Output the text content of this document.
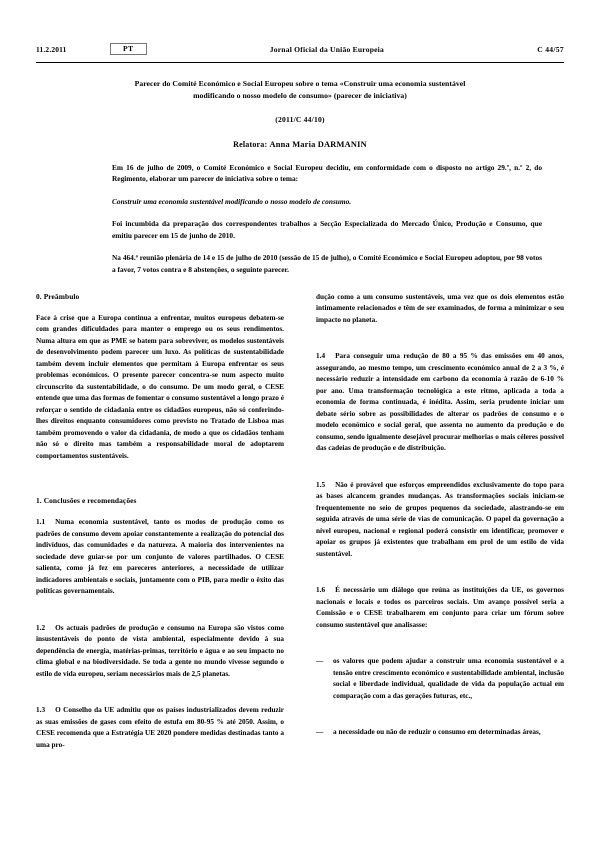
11.2.2011	PT	Jornal Oficial da União Europeia	C 44/57
Parecer do Comité Económico e Social Europeu sobre o tema «Construir uma economia sustentável
modificando o nosso modelo de consumo» (parecer de iniciativa)
(2011/C 44/10)
Relatora: Anna Maria DARMANIN

Em 16 de julho de 2009, o Comité Económico e Social Europeu decidiu, em conformidade com o disposto no artigo 29.º, n.º 2, do Regimento, elaborar um parecer de iniciativa sobre o tema:

Construir uma economia sustentável modificando o nosso modelo de consumo.

Foi incumbida da preparação dos correspondentes trabalhos a Secção Especializada do Mercado Único, Produção e Consumo, que emitiu parecer em 15 de junho de 2010.

Na 464.ª reunião plenária de 14 e 15 de julho de 2010 (sessão de 15 de julho), o Comité Económico e Social Europeu adoptou, por 98 votos a favor, 7 votos contra e 8 abstenções, o seguinte parecer.

0. Preâmbulo
Face à crise que a Europa continua a enfrentar, muitos europeus debatem-se com grandes dificuldades para manter o emprego ou os seus rendimentos. Numa altura em que as PME se batem para sobreviver, os modelos sustentáveis de desenvolvimento podem parecer um luxo. As políticas de sustentabilidade também devem incluir elementos que permitam à Europa enfrentar os seus problemas económicos. O presente parecer concentra-se num aspecto muito circunscrito da sustentabilidade, o do consumo. De um modo geral, o CESE entende que uma das formas de fomentar o consumo sustentável a longo prazo é reforçar o sentido de cidadania entre os cidadãos europeus, não só conferindo-lhes direitos enquanto consumidores como previsto no Tratado de Lisboa mas também promovendo o valor da cidadania, de modo a que os cidadãos tenham não só o direito mas também a responsabilidade moral de adoptarem comportamentos sustentáveis.
1. Conclusões e recomendações
1.1 Numa economia sustentável, tanto os modos de produção como os padrões de consumo devem apoiar constantemente a realização do potencial dos indivíduos, das comunidades e da natureza. A maioria dos intervenientes na sociedade deve guiar-se por um conjunto de valores partilhados. O CESE salienta, como já fez em pareceres anteriores, a necessidade de utilizar indicadores ambientais e sociais, juntamente com o PIB, para medir o êxito das políticas governamentais.
1.2 Os actuais padrões de produção e consumo na Europa são vistos como insustentáveis do ponto de vista ambiental, especialmente devido à sua dependência de energia, matérias-primas, território e água e ao seu impacto no clima global e na biodiversidade. Se toda a gente no mundo vivesse segundo o estilo de vida europeu, seriam necessários mais de 2,5 planetas.
1.3 O Conselho da UE admitiu que os países industrializados devem reduzir as suas emissões de gases com efeito de estufa em 80-95 % até 2050. Assim, o CESE recomenda que a Estratégia UE 2020 pondere medidas destinadas tanto a uma pro-
dução como a um consumo sustentáveis, uma vez que os dois elementos estão intimamente relacionados e têm de ser examinados, de forma a minimizar o seu impacto no planeta.
1.4 Para conseguir uma redução de 80 a 95 % das emissões em 40 anos, assegurando, ao mesmo tempo, um crescimento económico anual de 2 a 3 %, é necessário reduzir a intensidade em carbono da economia à razão de 6-10 % por ano. Uma transformação tecnológica a este ritmo, aplicada a toda a economia de forma continuada, é inédita. Assim, seria prudente iniciar um debate sério sobre as possibilidades de alterar os padrões de consumo e o modelo económico e social geral, que assenta no aumento da produção e do consumo, sendo igualmente desejável procurar melhorias o mais céleres possível das cadeias de produção e de distribuição.
1.5 Não é provável que esforços empreendidos exclusivamente do topo para as bases alcancem grandes mudanças. As transformações sociais iniciam-se frequentemente no seio de grupos pequenos da sociedade, alastrando-se em seguida através de uma série de vias de comunicação. O papel da governação a nível europeu, nacional e regional poderá consistir em identificar, promover e apoiar os grupos já existentes que trabalham em prol de um estilo de vida sustentável.
1.6 É necessário um diálogo que reúna as instituições da UE, os governos nacionais e locais e todos os parceiros sociais. Um avanço possível seria a Comissão e o CESE trabalharem em conjunto para criar um fórum sobre consumo sustentável que analisasse:
— os valores que podem ajudar a construir uma economia sustentável e a tensão entre crescimento económico e sustentabilidade ambiental, inclusão social e liberdade individual, qualidade de vida da população actual em comparação com a das gerações futuras, etc.,
— a necessidade ou não de reduzir o consumo em determinadas áreas,
